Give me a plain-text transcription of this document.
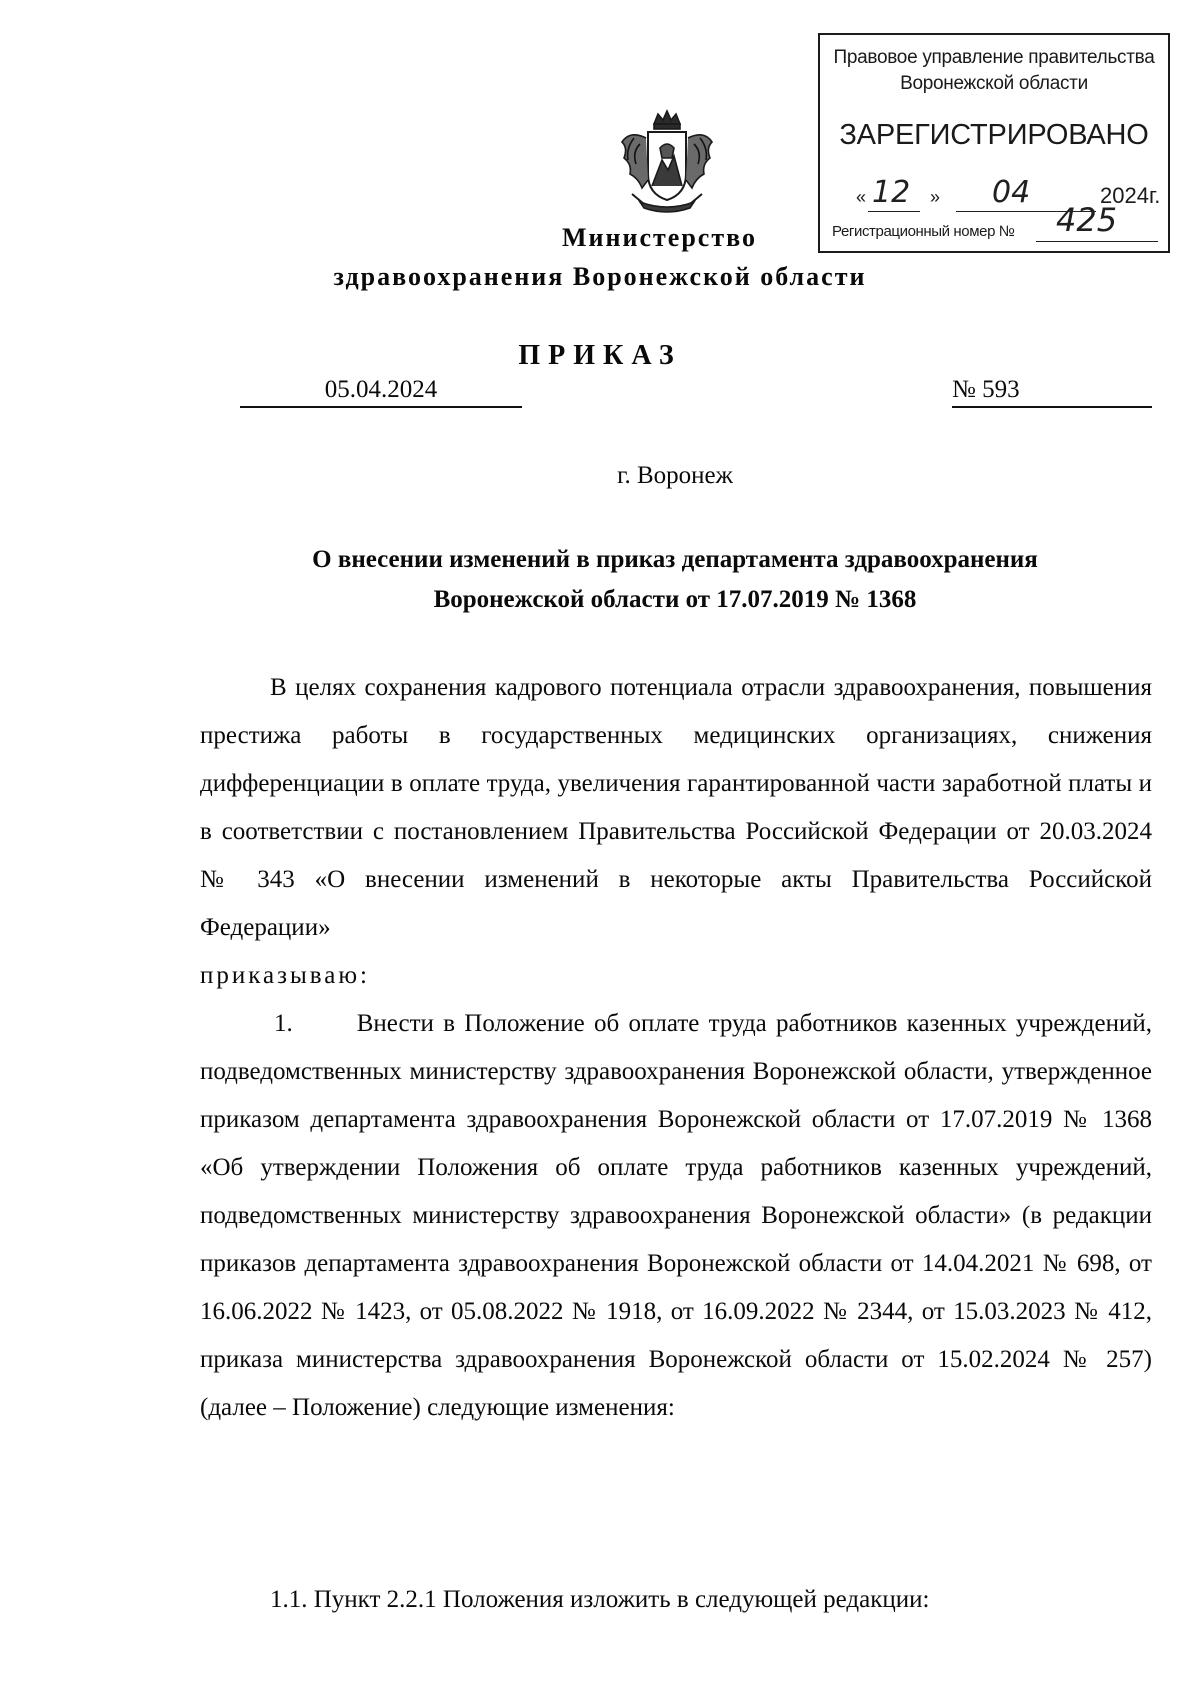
Правовое управление правительства
Воронежской области
ЗАРЕГИСТРИРОВАНО
« 12 » 04	2024г.
Регистрационный номер № 425
Министерство
здравоохранения Воронежской области
ПРИКАЗ
05.04.2024	№ 593
г. Воронеж
О внесении изменений в приказ департамента здравоохранения
Воронежской области от 17.07.2019 № 1368
В целях сохранения кадрового потенциала отрасли здравоохранения, повышения престижа работы в государственных медицинских организациях, снижения дифференциации в оплате труда, увеличения гарантированной части заработной платы и в соответствии с постановлением Правительства Российской Федерации от 20.03.2024 № 343 «О внесении изменений в некоторые акты Правительства Российской Федерации»
приказываю:
1.	Внести в Положение об оплате труда работников казенных учреждений, подведомственных министерству здравоохранения Воронежской области, утвержденное приказом департамента здравоохранения Воронежской области от 17.07.2019 № 1368 «Об утверждении Положения об оплате труда работников казенных учреждений, подведомственных министерству здравоохранения Воронежской области» (в редакции приказов департамента здравоохранения Воронежской области от 14.04.2021 № 698, от 16.06.2022 № 1423, от 05.08.2022 № 1918, от 16.09.2022 № 2344, от 15.03.2023 № 412, приказа министерства здравоохранения Воронежской области от 15.02.2024 № 257) (далее – Положение) следующие изменения:
1.1. Пункт 2.2.1 Положения изложить в следующей редакции:
